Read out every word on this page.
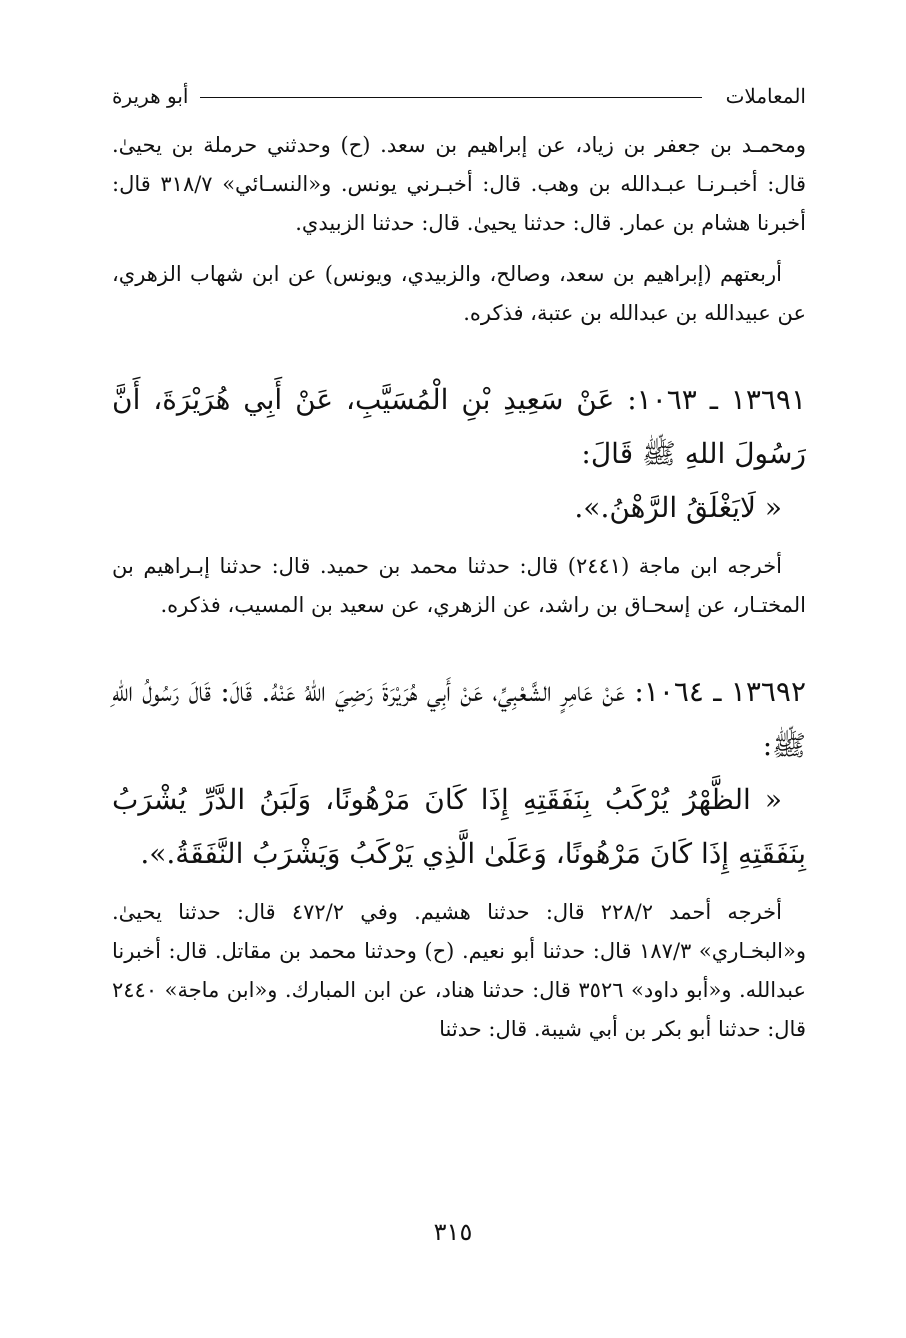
المعاملات
أبو هريرة

ومحمـد بن جعفر بن زياد، عن إبراهيم بن سعد. (ح) وحدثني حرملة بن يحيىٰ. قال: أخبـرنـا عبـدالله بن وهب. قال: أخبـرني يونس. و«النسـائي» ٣١٨/٧ قال: أخبرنا هشام بن عمار. قال: حدثنا يحيىٰ. قال: حدثنا الزبيدي.

أربعتهم (إبراهيم بن سعد، وصالح، والزبيدي، ويونس) عن ابن شهاب الزهري، عن عبيدالله بن عبدالله بن عتبة، فذكره.

١٣٦٩١ ـ ١٠٦٣: عَنْ سَعِيدِ بْنِ الْمُسَيَّبِ، عَنْ أَبِي هُرَيْرَةَ، أَنَّ رَسُولَ اللهِ ﷺ قَالَ:

« لَايَغْلَقُ الرَّهْنُ.».

أخرجه ابن ماجة (٢٤٤١) قال: حدثنا محمد بن حميد. قال: حدثنا إبـراهيم بن المختـار، عن إسحـاق بن راشد، عن الزهري، عن سعيد بن المسيب، فذكره.

١٣٦٩٢ ـ ١٠٦٤: عَنْ عَامِرٍ الشَّعْبِيِّ، عَنْ أَبِي هُرَيْرَةَ رَضِيَ اللهُ عَنْهُ. قَالَ: قَالَ رَسُولُ اللهِ ﷺ:

« الظَّهْرُ يُرْكَبُ بِنَفَقَتِهِ إِذَا كَانَ مَرْهُونًا، وَلَبَنُ الدَّرِّ يُشْرَبُ بِنَفَقَتِهِ إِذَا كَانَ مَرْهُونًا، وَعَلَىٰ الَّذِي يَرْكَبُ وَيَشْرَبُ النَّفَقَةُ.».

أخرجه أحمد ٢٢٨/٢ قال: حدثنا هشيم. وفي ٤٧٢/٢ قال: حدثنا يحيىٰ. و«البخـاري» ١٨٧/٣ قال: حدثنا أبو نعيم. (ح) وحدثنا محمد بن مقاتل. قال: أخبرنا عبدالله. و«أبو داود» ٣٥٢٦ قال: حدثنا هناد، عن ابن المبارك. و«ابن ماجة» ٢٤٤٠ قال: حدثنا أبو بكر بن أبي شيبة. قال: حدثنا

٣١٥
